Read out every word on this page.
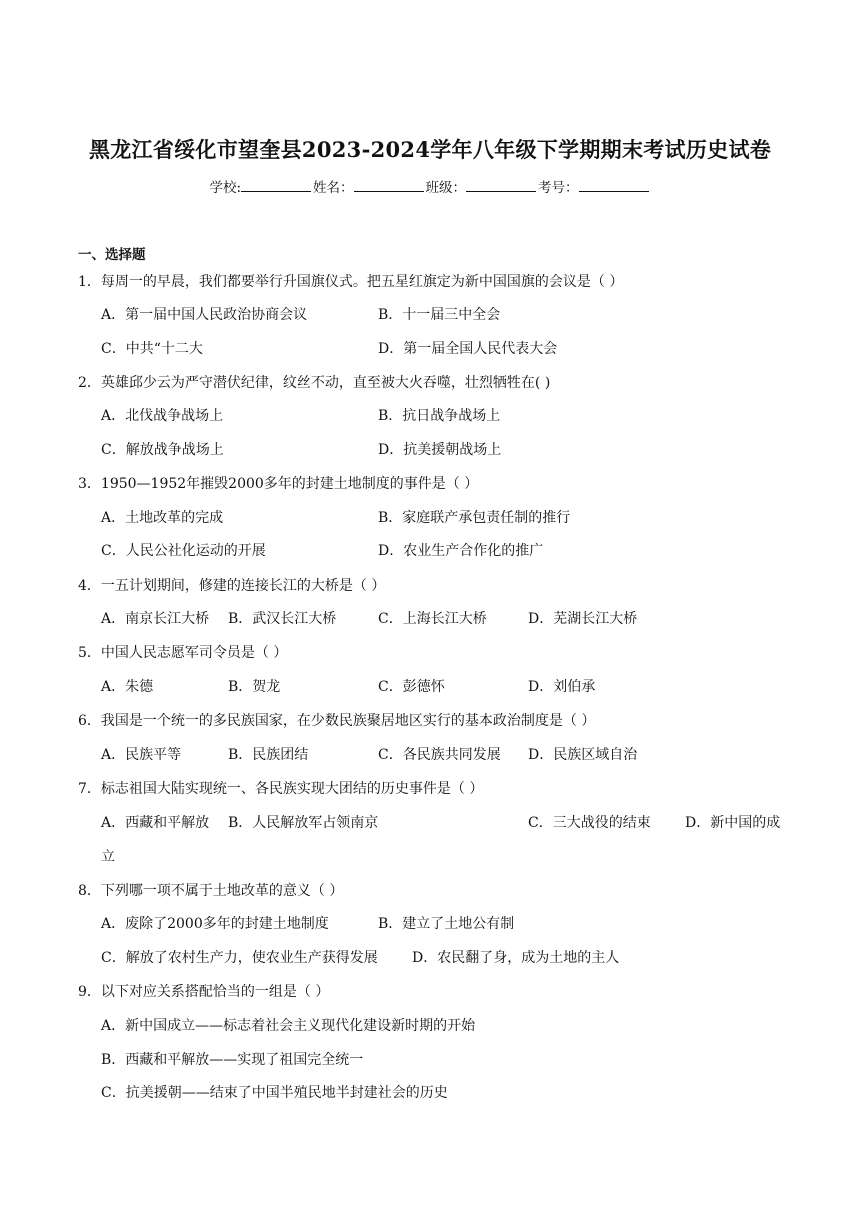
黑龙江省绥化市望奎县2023-2024学年八年级下学期期末考试历史试卷
学校:	姓名：	班级：	考号：
一、选择题
1．每周一的早晨，我们都要举行升国旗仪式。把五星红旗定为新中国国旗的会议是（ ）
A．第一届中国人民政治协商会议	B．十一届三中全会
C．中共“十二大	D．第一届全国人民代表大会
2．英雄邱少云为严守潜伏纪律，纹丝不动，直至被大火吞噬，壮烈牺牲在( )
A．北伐战争战场上	B．抗日战争战场上
C．解放战争战场上	D．抗美援朝战场上
3．1950—1952年摧毁2000多年的封建土地制度的事件是（ ）
A．土地改革的完成	B．家庭联产承包责任制的推行
C．人民公社化运动的开展	D．农业生产合作化的推广
4．一五计划期间，修建的连接长江的大桥是（ ）
A．南京长江大桥 B．武汉长江大桥	C．上海长江大桥	D．芜湖长江大桥
5．中国人民志愿军司令员是（ ）
A．朱德	B．贺龙	C．彭德怀	D．刘伯承
6．我国是一个统一的多民族国家，在少数民族聚居地区实行的基本政治制度是（ ）
A．民族平等	B．民族团结	C．各民族共同发展 D．民族区域自治
7．标志祖国大陆实现统一、各民族实现大团结的历史事件是（ ）
A．西藏和平解放 B．人民解放军占领南京	C．三大战役的结束 D．新中国的成
立
8．下列哪一项不属于土地改革的意义（ ）
A．废除了2000多年的封建土地制度	B．建立了土地公有制
C．解放了农村生产力，使农业生产获得发展 D．农民翻了身，成为土地的主人
9．以下对应关系搭配恰当的一组是（ ）
A．新中国成立——标志着社会主义现代化建设新时期的开始
B．西藏和平解放——实现了祖国完全统一
C．抗美援朝——结束了中国半殖民地半封建社会的历史
